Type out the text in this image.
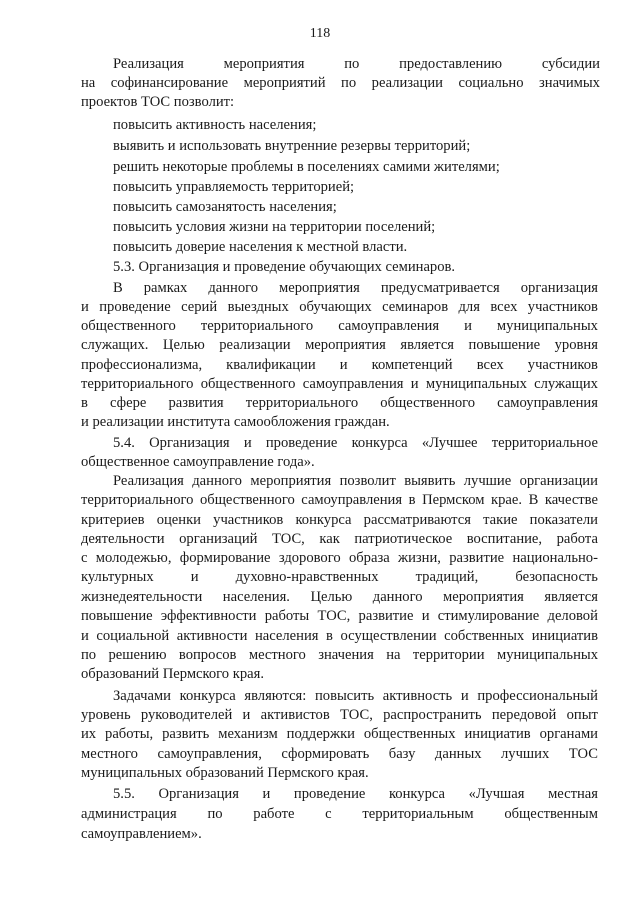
118
Реализация	мероприятия	по	предоставлению	субсидии
на софинансирование мероприятий по реализации социально значимых
проектов ТОС позволит:
повысить активность населения;
выявить и использовать внутренние резервы территорий;
решить некоторые проблемы в поселениях самими жителями;
повысить управляемость территорией;
повысить самозанятость населения;
повысить условия жизни на территории поселений;
повысить доверие населения к местной власти.
5.3. Организация и проведение обучающих семинаров.
В рамках данного мероприятия предусматривается организация
и проведение серий выездных обучающих семинаров для всех участников
общественного территориального самоуправления и муниципальных
служащих. Целью реализации мероприятия является повышение уровня
профессионализма, квалификации и компетенций всех участников
территориального общественного самоуправления и муниципальных служащих
в сфере развития территориального общественного самоуправления
и реализации института самообложения граждан.
5.4. Организация и проведение конкурса «Лучшее территориальное
общественное самоуправление года».
Реализация данного мероприятия позволит выявить лучшие организации
территориального общественного самоуправления в Пермском крае. В качестве
критериев оценки участников конкурса рассматриваются такие показатели
деятельности организаций ТОС, как патриотическое воспитание, работа
с молодежью, формирование здорового образа жизни, развитие национально-
культурных	и	духовно-нравственных	традиций,	безопасность
жизнедеятельности населения. Целью данного мероприятия является
повышение эффективности работы ТОС, развитие и стимулирование деловой
и социальной активности населения в осуществлении собственных инициатив
по решению вопросов местного значения на территории муниципальных
образований Пермского края.
Задачами конкурса являются: повысить активность и профессиональный
уровень руководителей и активистов ТОС, распространить передовой опыт
их работы, развить механизм поддержки общественных инициатив органами
местного самоуправления, сформировать базу данных лучших ТОС
муниципальных образований Пермского края.
5.5. Организация и проведение конкурса «Лучшая местная
администрация по работе с территориальным общественным
самоуправлением».
